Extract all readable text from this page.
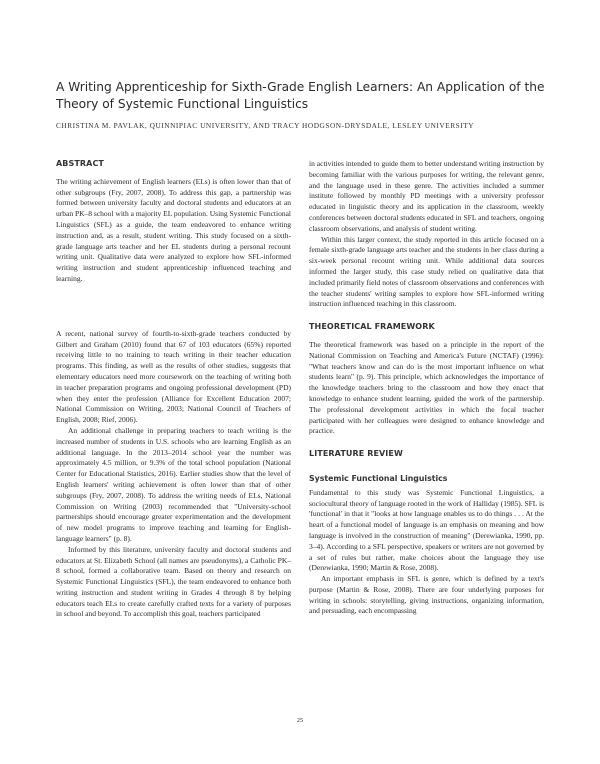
A Writing Apprenticeship for Sixth-Grade English Learners: An Application of the Theory of Systemic Functional Linguistics
CHRISTINA M. PAVLAK, QUINNIPIAC UNIVERSITY, AND TRACY HODGSON-DRYSDALE, LESLEY UNIVERSITY
ABSTRACT

The writing achievement of English learners (ELs) is often lower than that of other subgroups (Fry, 2007, 2008). To address this gap, a partnership was formed between university faculty and doctoral students and educators at an urban PK–8 school with a majority EL population. Using Systemic Functional Linguistics (SFL) as a guide, the team endeavored to enhance writing instruction and, as a result, student writing. This study focused on a sixth-grade language arts teacher and her EL students during a personal recount writing unit. Qualitative data were analyzed to explore how SFL-informed writing instruction and student apprenticeship influenced teaching and learning.

A recent, national survey of fourth-to-sixth-grade teachers conducted by Gilbert and Graham (2010) found that 67 of 103 educators (65%) reported receiving little to no training to teach writing in their teacher education programs. This finding, as well as the results of other studies, suggests that elementary educators need more coursework on the teaching of writing both in teacher preparation programs and ongoing professional development (PD) when they enter the profession (Alliance for Excellent Education 2007; National Commission on Writing, 2003; National Council of Teachers of English, 2008; Rief, 2006).

An additional challenge in preparing teachers to teach writing is the increased number of students in U.S. schools who are learning English as an additional language. In the 2013–2014 school year the number was approximately 4.5 million, or 9.3% of the total school population (National Center for Educational Statistics, 2016). Earlier studies show that the level of English learners' writing achievement is often lower than that of other subgroups (Fry, 2007, 2008). To address the writing needs of ELs, National Commission on Writing (2003) recommended that "University-school partnerships should encourage greater experimentation and the development of new model programs to improve teaching and learning for English-language learners" (p. 8).

Informed by this literature, university faculty and doctoral students and educators at St. Elizabeth School (all names are pseudonyms), a Catholic PK–8 school, formed a collaborative team. Based on theory and research on Systemic Functional Linguistics (SFL), the team endeavored to enhance both writing instruction and student writing in Grades 4 through 8 by helping educators teach ELs to create carefully crafted texts for a variety of purposes in school and beyond. To accomplish this goal, teachers participated

in activities intended to guide them to better understand writing instruction by becoming familiar with the various purposes for writing, the relevant genre, and the language used in these genre. The activities included a summer institute followed by monthly PD meetings with a university professor educated in linguistic theory and its application in the classroom, weekly conferences between doctoral students educated in SFL and teachers, ongoing classroom observations, and analysis of student writing.

Within this larger context, the study reported in this article focused on a female sixth-grade language arts teacher and the students in her class during a six-week personal recount writing unit. While additional data sources informed the larger study, this case study relied on qualitative data that included primarily field notes of classroom observations and conferences with the teacher students' writing samples to explore how SFL-informed writing instruction influenced teaching in this classroom.

THEORETICAL FRAMEWORK

The theoretical framework was based on a principle in the report of the National Commission on Teaching and America's Future (NCTAF) (1996): "What teachers know and can do is the most important influence on what students learn" (p. 9). This principle, which acknowledges the importance of the knowledge teachers bring to the classroom and how they enact that knowledge to enhance student learning, guided the work of the partnership. The professional development activities in which the focal teacher participated with her colleagues were designed to enhance knowledge and practice.

LITERATURE REVIEW
Systemic Functional Linguistics

Fundamental to this study was Systemic Functional Linguistics, a sociocultural theory of language rooted in the work of Halliday (1985). SFL is 'functional' in that it "looks at how language enables us to do things . . . At the heart of a functional model of language is an emphasis on meaning and how language is involved in the construction of meaning" (Derewianka, 1990, pp. 3–4). According to a SFL perspective, speakers or writers are not governed by a set of rules but rather, make choices about the language they use (Derewianka, 1990; Martin & Rose, 2008).

An important emphasis in SFL is genre, which is defined by a text's purpose (Martin & Rose, 2008). There are four underlying purposes for writing in schools: storytelling, giving instructions, organizing information, and persuading, each encompassing

25
